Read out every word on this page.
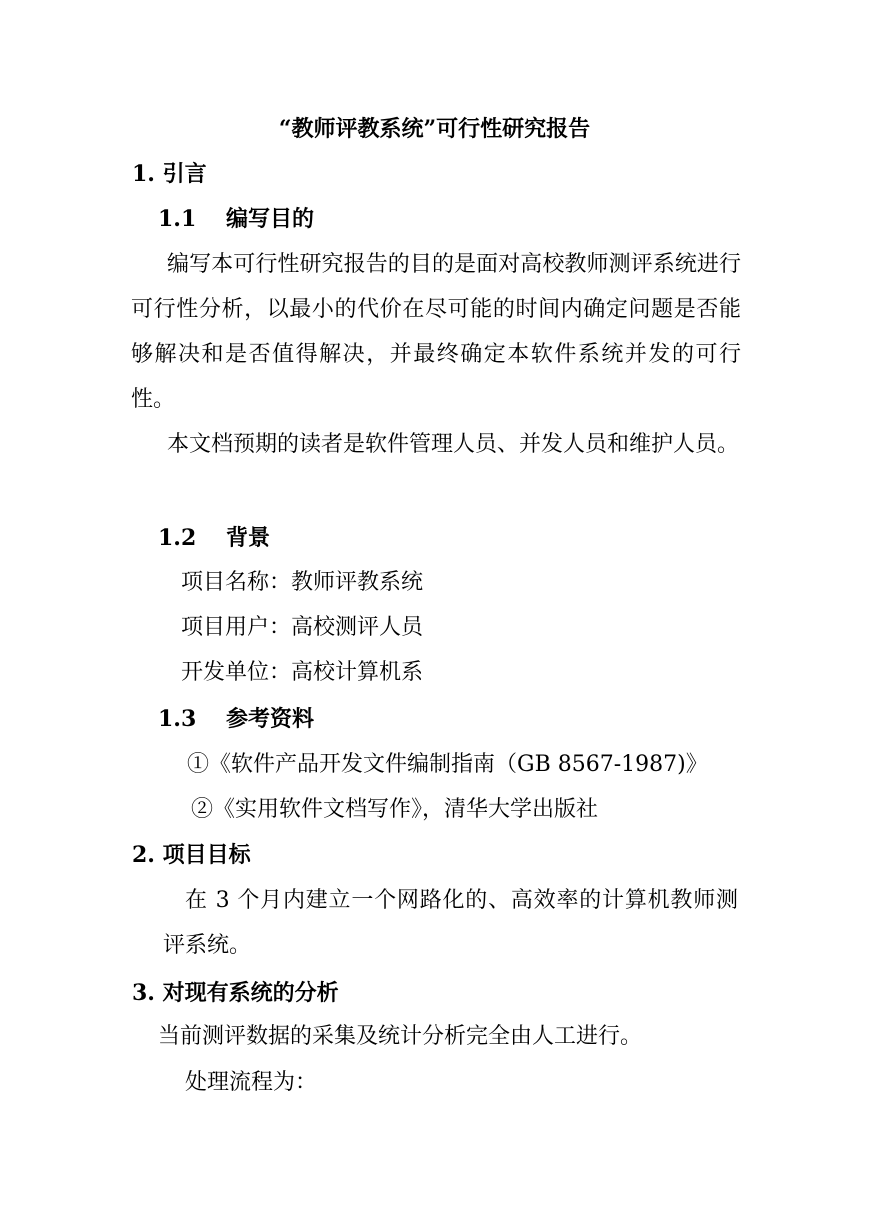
“教师评教系统”可行性研究报告
1. 引言
1.1 编写目的
编写本可行性研究报告的目的是面对高校教师测评系统进行可行性分析，以最小的代价在尽可能的时间内确定问题是否能够解决和是否值得解决，并最终确定本软件系统并发的可行性。
本文档预期的读者是软件管理人员、并发人员和维护人员。
1.2 背景
项目名称：教师评教系统
项目用户：高校测评人员
开发单位：高校计算机系
1.3 参考资料
①《软件产品开发文件编制指南（GB 8567-1987)》
②《实用软件文档写作》，清华大学出版社
2. 项目目标
在 3 个月内建立一个网路化的、高效率的计算机教师测评系统。
3. 对现有系统的分析
当前测评数据的采集及统计分析完全由人工进行。
处理流程为：
